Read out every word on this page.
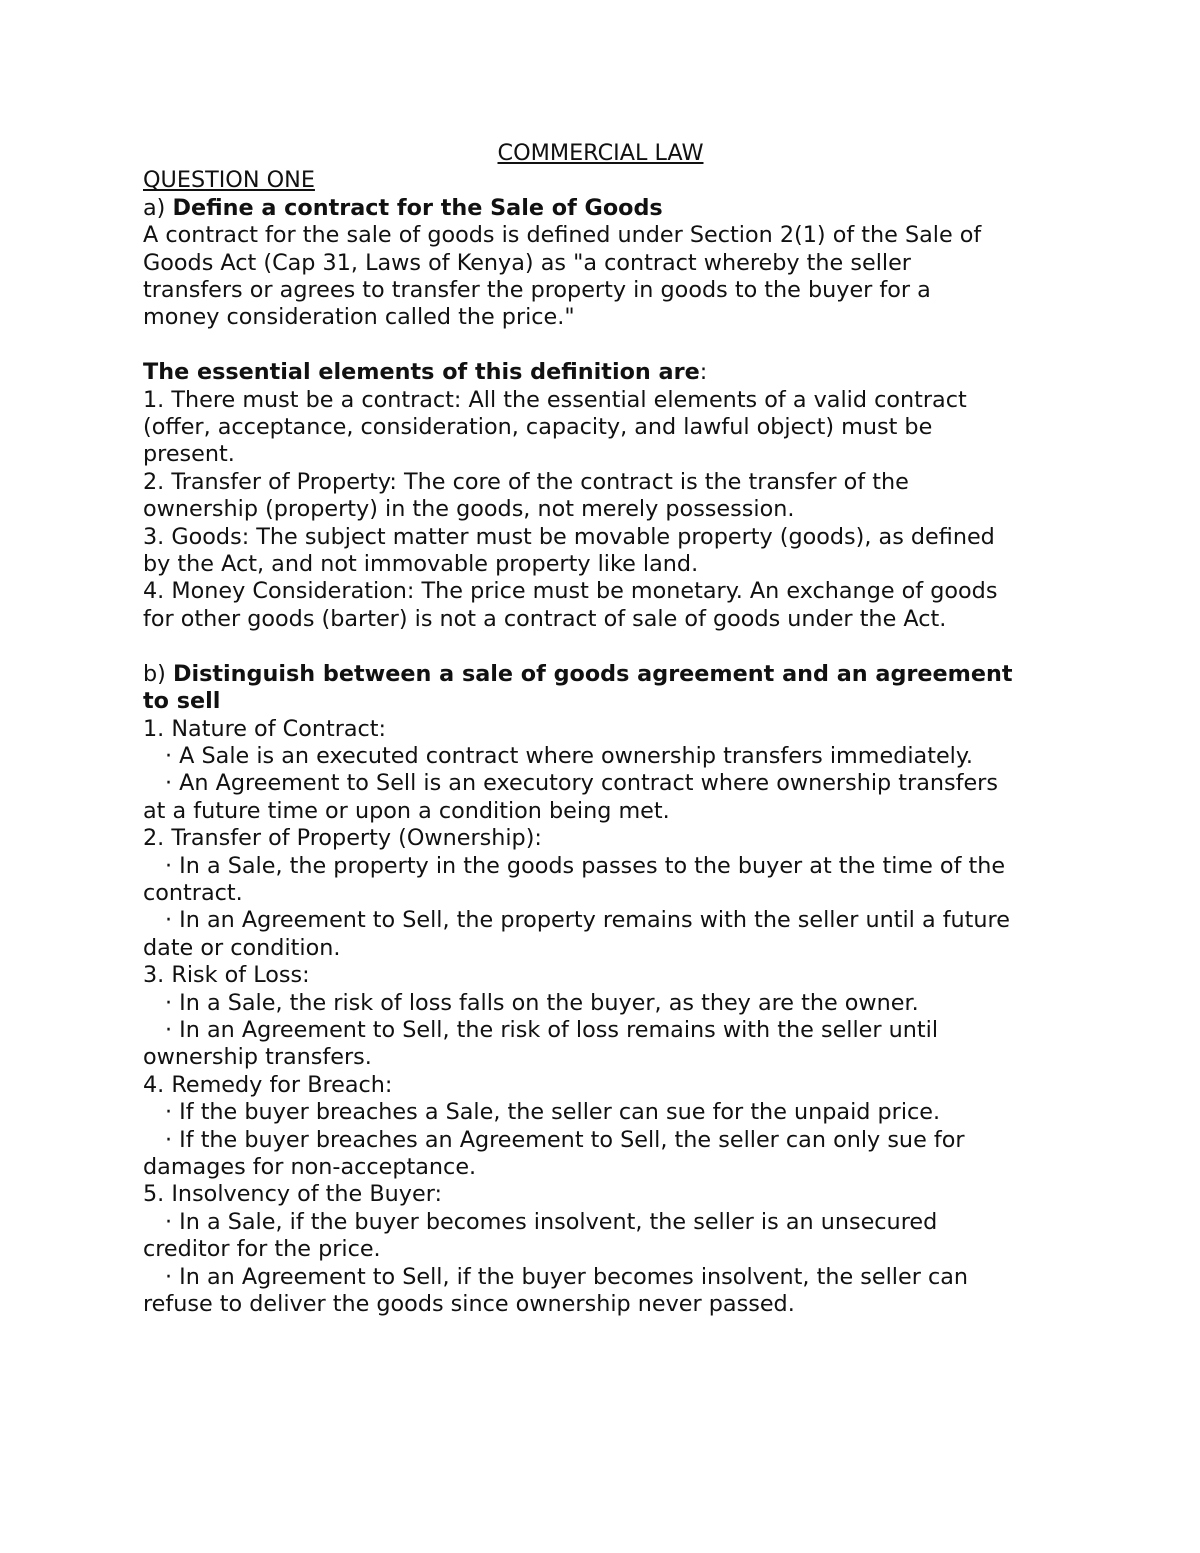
COMMERCIAL LAW
QUESTION ONE
a) Define a contract for the Sale of Goods
A contract for the sale of goods is defined under Section 2(1) of the Sale of
Goods Act (Cap 31, Laws of Kenya) as "a contract whereby the seller
transfers or agrees to transfer the property in goods to the buyer for a
money consideration called the price."
The essential elements of this definition are:
1. There must be a contract: All the essential elements of a valid contract
(offer, acceptance, consideration, capacity, and lawful object) must be
present.
2. Transfer of Property: The core of the contract is the transfer of the
ownership (property) in the goods, not merely possession.
3. Goods: The subject matter must be movable property (goods), as defined
by the Act, and not immovable property like land.
4. Money Consideration: The price must be monetary. An exchange of goods
for other goods (barter) is not a contract of sale of goods under the Act.
b) Distinguish between a sale of goods agreement and an agreement
to sell
1. Nature of Contract:
· A Sale is an executed contract where ownership transfers immediately.
· An Agreement to Sell is an executory contract where ownership transfers
at a future time or upon a condition being met.
2. Transfer of Property (Ownership):
· In a Sale, the property in the goods passes to the buyer at the time of the
contract.
· In an Agreement to Sell, the property remains with the seller until a future
date or condition.
3. Risk of Loss:
· In a Sale, the risk of loss falls on the buyer, as they are the owner.
· In an Agreement to Sell, the risk of loss remains with the seller until
ownership transfers.
4. Remedy for Breach:
· If the buyer breaches a Sale, the seller can sue for the unpaid price.
· If the buyer breaches an Agreement to Sell, the seller can only sue for
damages for non-acceptance.
5. Insolvency of the Buyer:
· In a Sale, if the buyer becomes insolvent, the seller is an unsecured
creditor for the price.
· In an Agreement to Sell, if the buyer becomes insolvent, the seller can
refuse to deliver the goods since ownership never passed.
